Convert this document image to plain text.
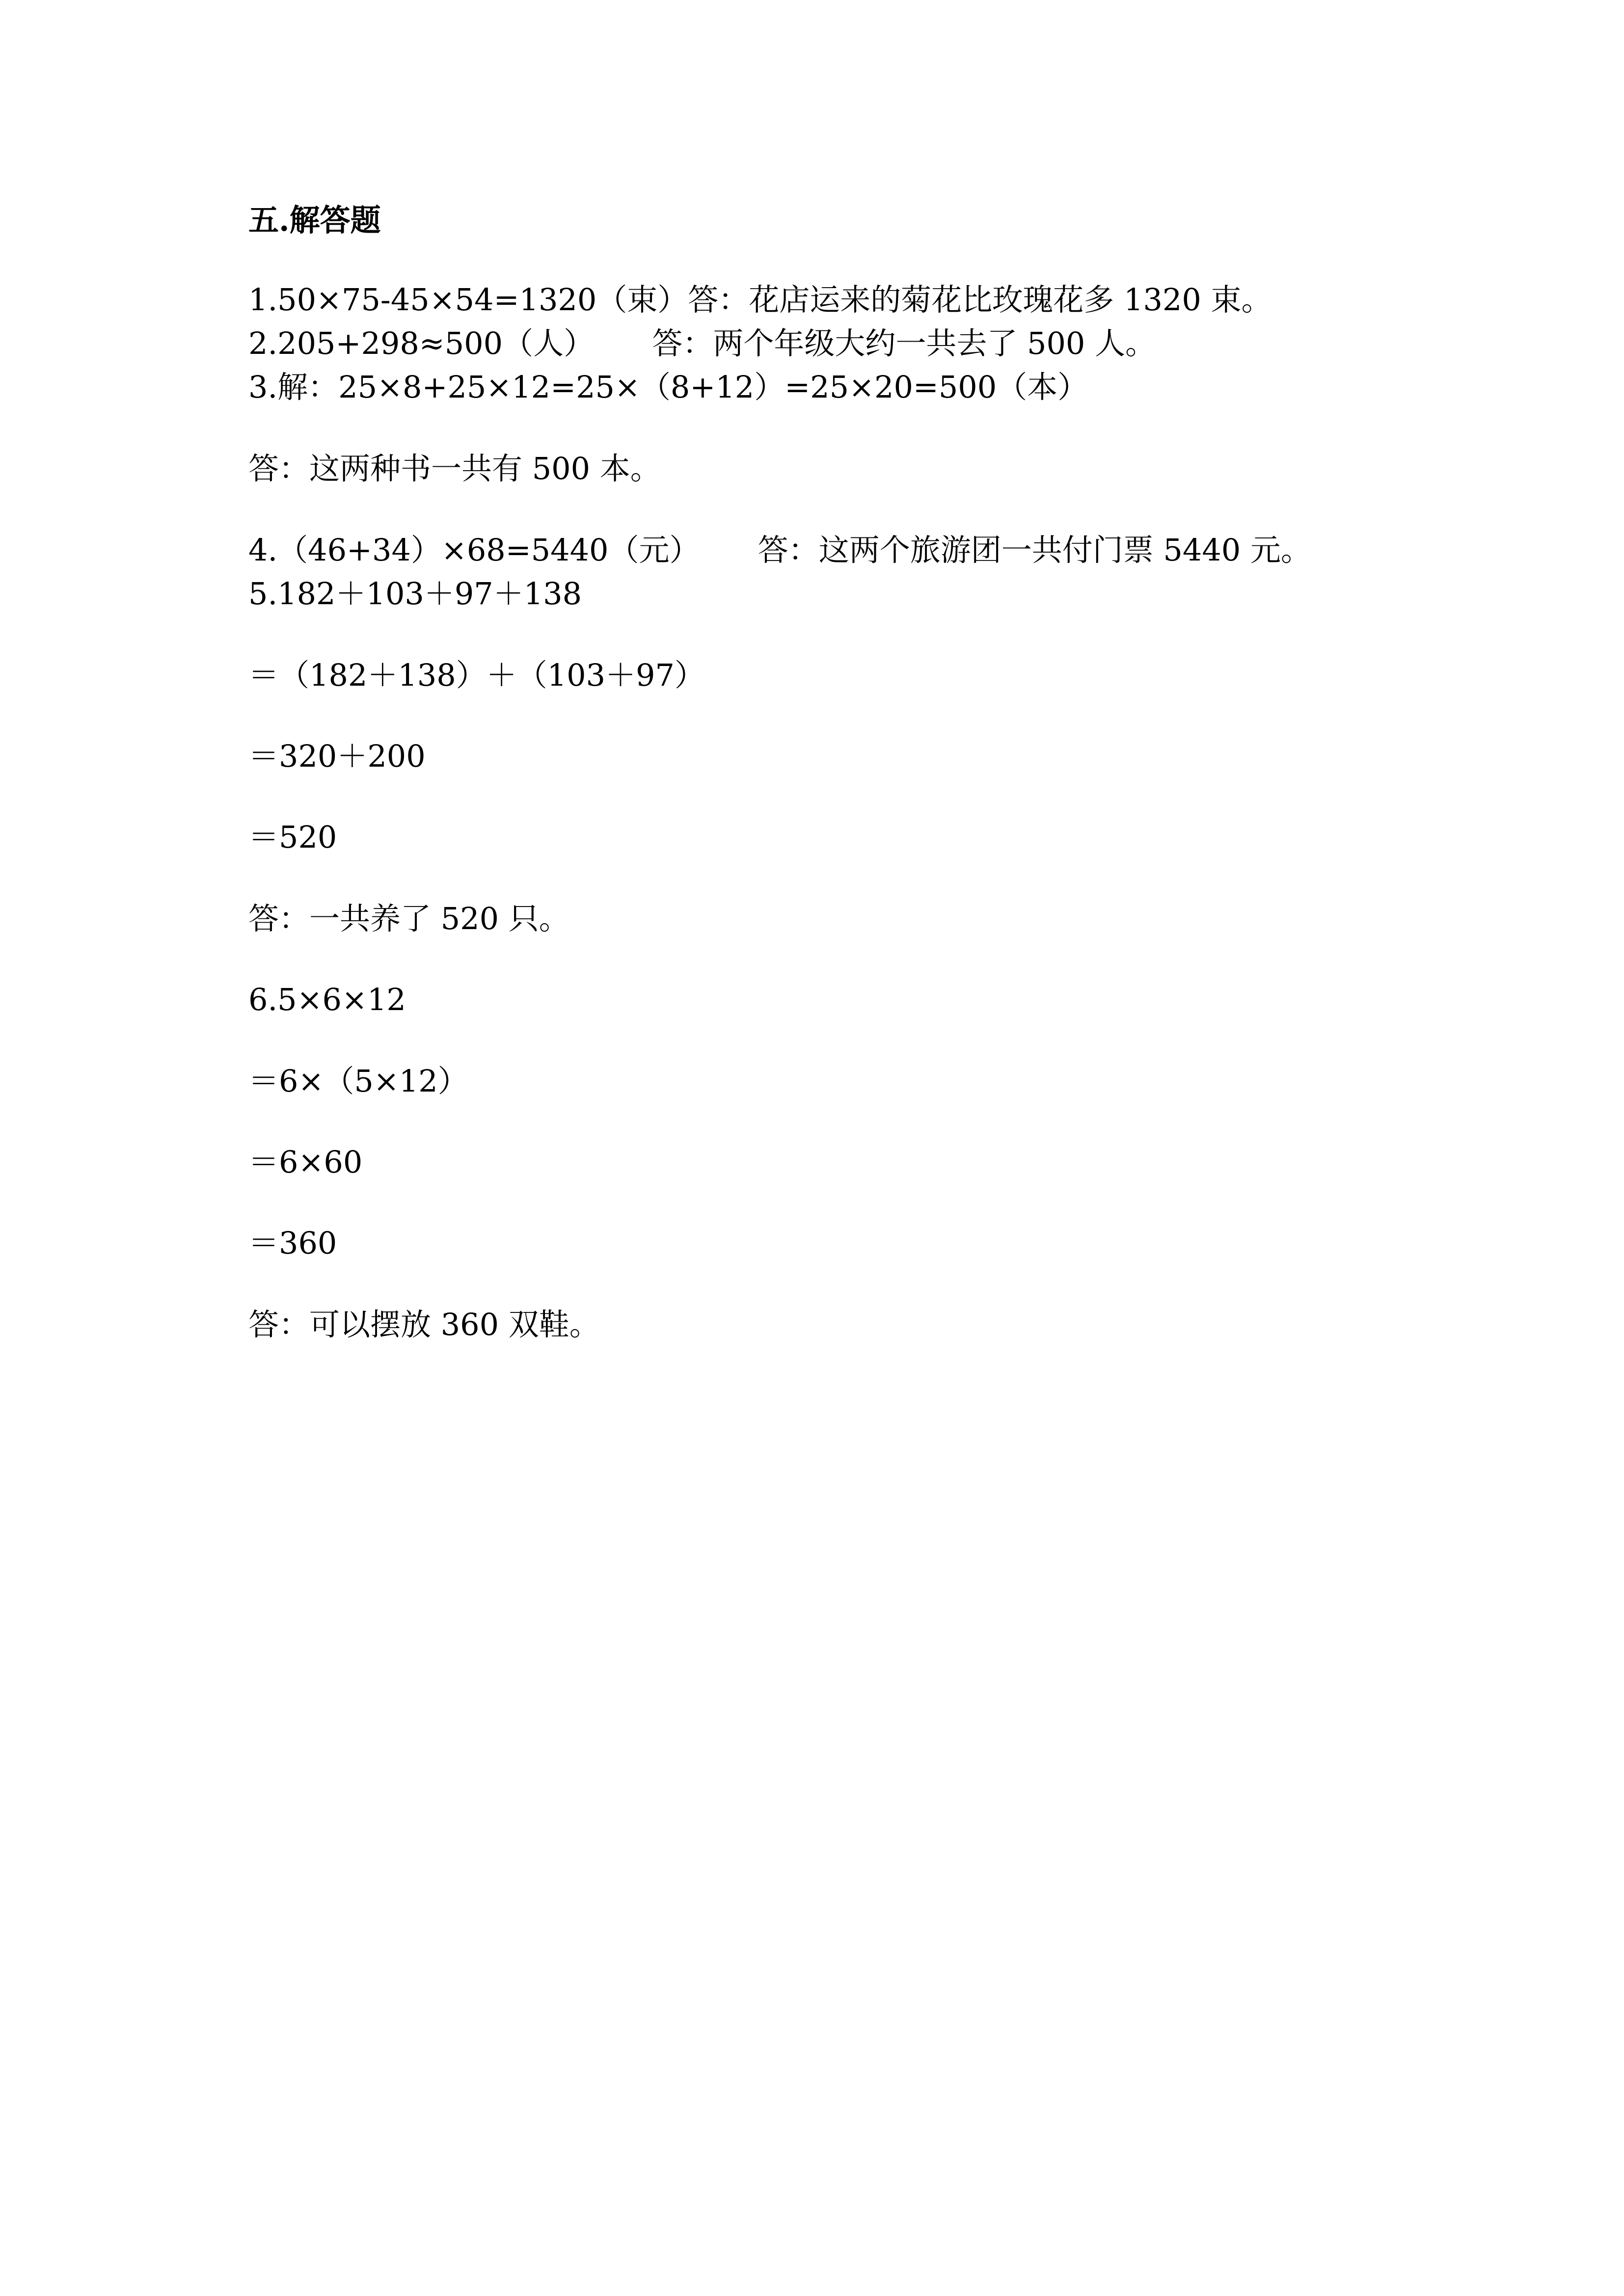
五.解答题
1.50×75-45×54=1320（束）答：花店运来的菊花比玫瑰花多 1320 束。
2.205+298≈500（人）      答：两个年级大约一共去了 500 人。
3.解：25×8+25×12=25×（8+12）=25×20=500（本）
答：这两种书一共有 500 本。
4.（46+34）×68=5440（元）      答：这两个旅游团一共付门票 5440 元。
5.182＋103＋97＋138
＝（182＋138）＋（103＋97）
＝320＋200
＝520
答：一共养了 520 只。
6.5×6×12
＝6×（5×12）
＝6×60
＝360
答：可以摆放 360 双鞋。
